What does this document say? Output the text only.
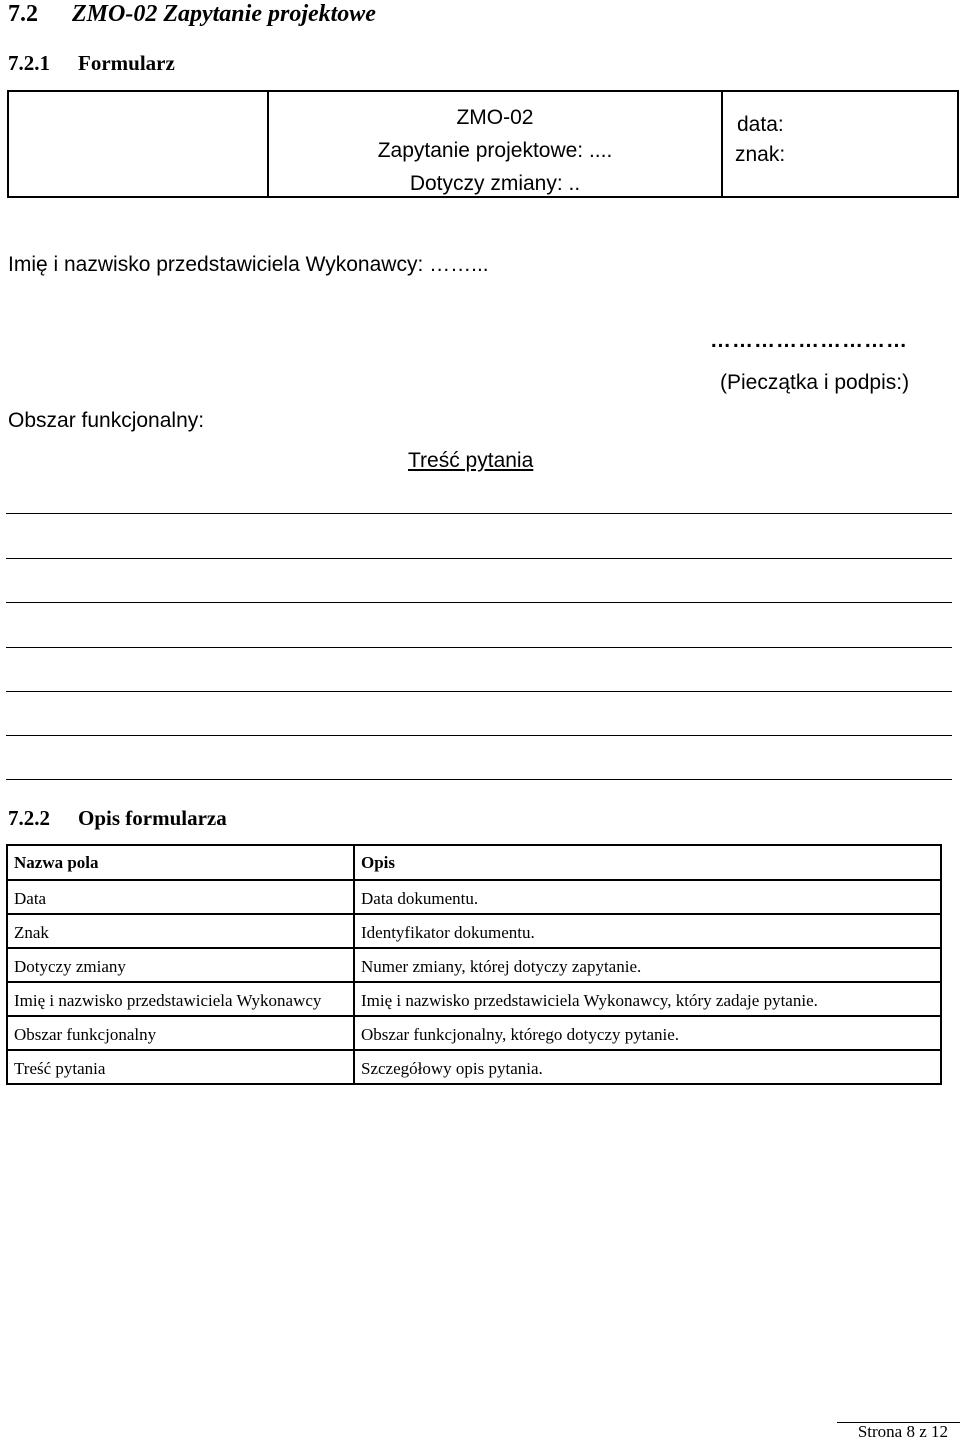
7.2 ZMO-02 Zapytanie projektowe
7.2.1 Formularz
ZMO-02
Zapytanie projektowe: ....
Dotyczy zmiany: ..
data:
znak:
Imię i nazwisko przedstawiciela Wykonawcy: ……...
………………………
(Pieczątka i podpis:)
Obszar funkcjonalny:
Treść pytania
7.2.2 Opis formularza
Nazwa pola	Opis
Data	Data dokumentu.
Znak	Identyfikator dokumentu.
Dotyczy zmiany	Numer zmiany, której dotyczy zapytanie.
Imię i nazwisko przedstawiciela Wykonawcy	Imię i nazwisko przedstawiciela Wykonawcy, który zadaje pytanie.
Obszar funkcjonalny	Obszar funkcjonalny, którego dotyczy pytanie.
Treść pytania	Szczegółowy opis pytania.
Strona 8 z 12
